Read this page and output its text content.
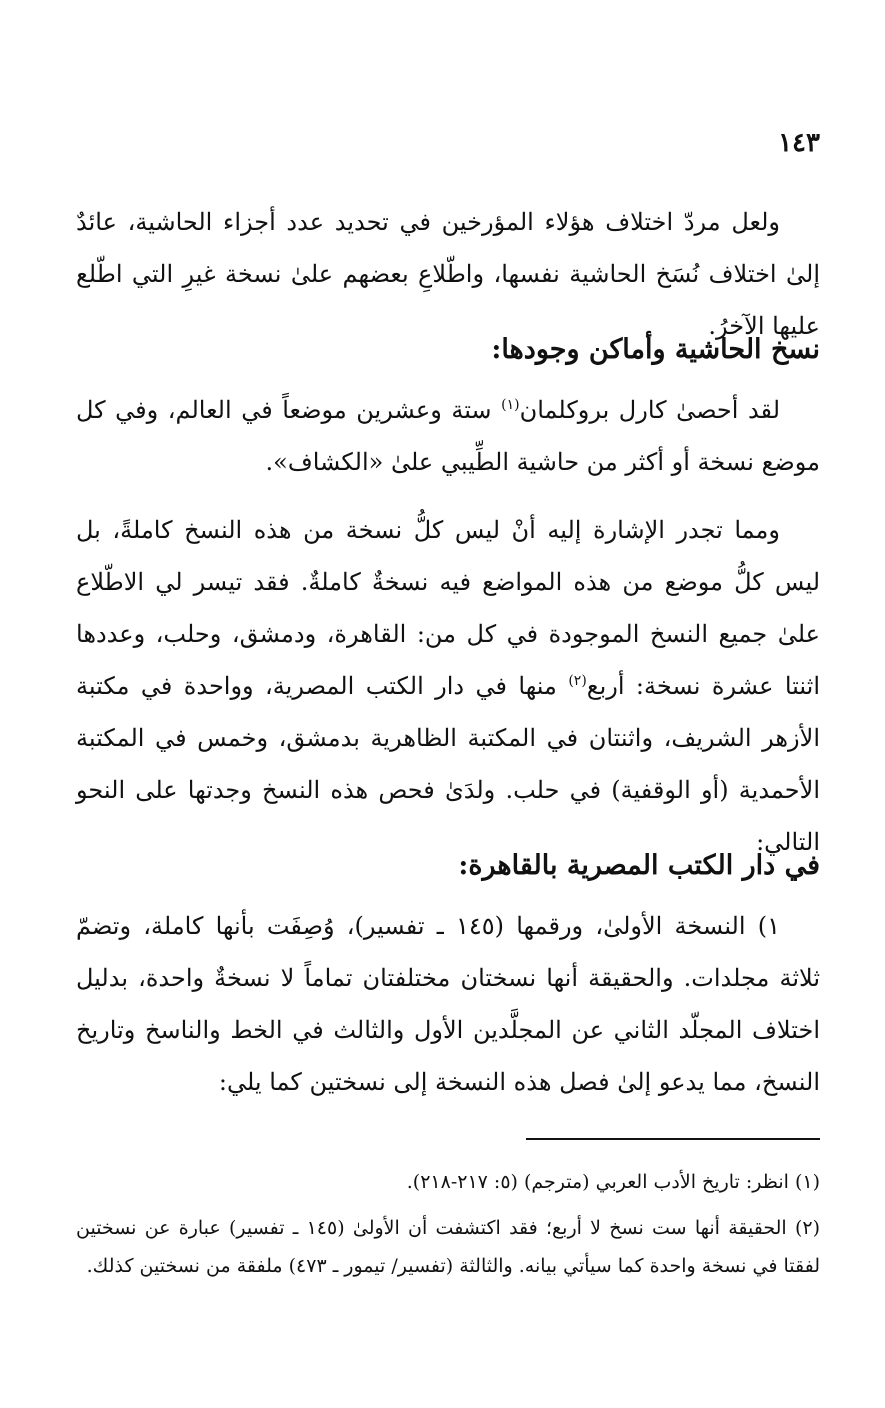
١٤٣

ولعل مردّ اختلاف هؤلاء المؤرخين في تحديد عدد أجزاء الحاشية، عائدٌ إلىٰ اختلاف نُسَخ الحاشية نفسها، واطّلاعِ بعضهم علىٰ نسخة غيرِ التي اطّلع عليها الآخرُ.

نسخ الحاشية وأماكن وجودها:

لقد أحصىٰ كارل بروكلمان$^{(١)}$ ستة وعشرين موضعاً في العالم، وفي كل موضع نسخة أو أكثر من حاشية الطِّيبي علىٰ «الكشاف».

ومما تجدر الإشارة إليه أنْ ليس كلُّ نسخة من هذه النسخ كاملةً، بل ليس كلُّ موضع من هذه المواضع فيه نسخةٌ كاملةٌ. فقد تيسر لي الاطّلاع علىٰ جميع النسخ الموجودة في كل من: القاهرة، ودمشق، وحلب، وعددها اثنتا عشرة نسخة: أربع$^{(٢)}$ منها في دار الكتب المصرية، وواحدة في مكتبة الأزهر الشريف، واثنتان في المكتبة الظاهرية بدمشق، وخمس في المكتبة الأحمدية (أو الوقفية) في حلب. ولدَىٰ فحص هذه النسخ وجدتها على النحو التالي:

في دار الكتب المصرية بالقاهرة:

١) النسخة الأولىٰ، ورقمها (١٤٥ ـ تفسير)، وُصِفَت بأنها كاملة، وتضمّ ثلاثة مجلدات. والحقيقة أنها نسختان مختلفتان تماماً لا نسخةٌ واحدة، بدليل اختلاف المجلّد الثاني عن المجلَّدين الأول والثالث في الخط والناسخ وتاريخ النسخ، مما يدعو إلىٰ فصل هذه النسخة إلى نسختين كما يلي:

(١) انظر: تاريخ الأدب العربي (مترجم) (٥: ٢١٧-٢١٨).

(٢) الحقيقة أنها ست نسخ لا أربع؛ فقد اكتشفت أن الأولىٰ (١٤٥ ـ تفسير) عبارة عن نسختين لفقتا في نسخة واحدة كما سيأتي بيانه. والثالثة (تفسير/ تيمور ـ ٤٧٣) ملفقة من نسختين كذلك.
